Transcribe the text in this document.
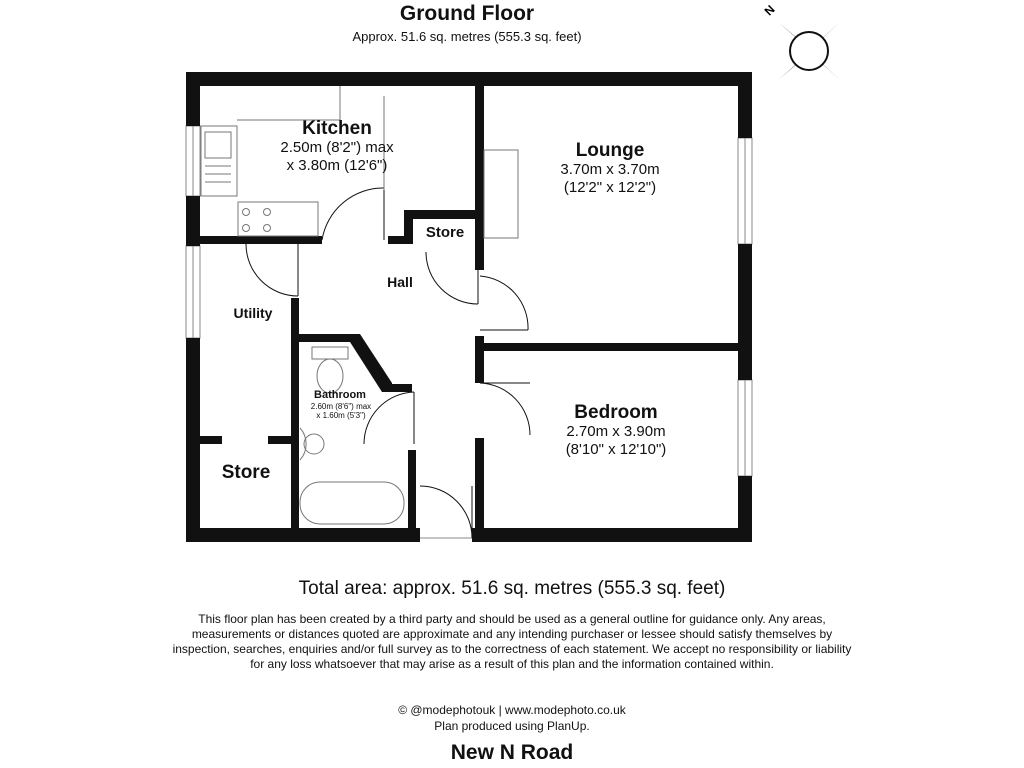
Ground Floor
Approx. 51.6 sq. metres (555.3 sq. feet)
N
Kitchen
2.50m (8'2") max
x 3.80m (12'6")
Lounge
3.70m x 3.70m
(12'2" x 12'2")
Bedroom
2.70m x 3.90m
(8'10" x 12'10")
Bathroom
2.60m (8'6") max
x 1.60m (5'3")
Store
Hall
Utility
Store
Total area: approx. 51.6 sq. metres (555.3 sq. feet)
This floor plan has been created by a third party and should be used as a general outline for guidance only. Any areas, measurements or distances quoted are approximate and any intending purchaser or lessee should satisfy themselves by inspection, searches, enquiries and/or full survey as to the correctness of each statement. We accept no responsibility or liability for any loss whatsoever that may arise as a result of this plan and the information contained within.
© @modephotouk | www.modephoto.co.uk
Plan produced using PlanUp.
New N Road
